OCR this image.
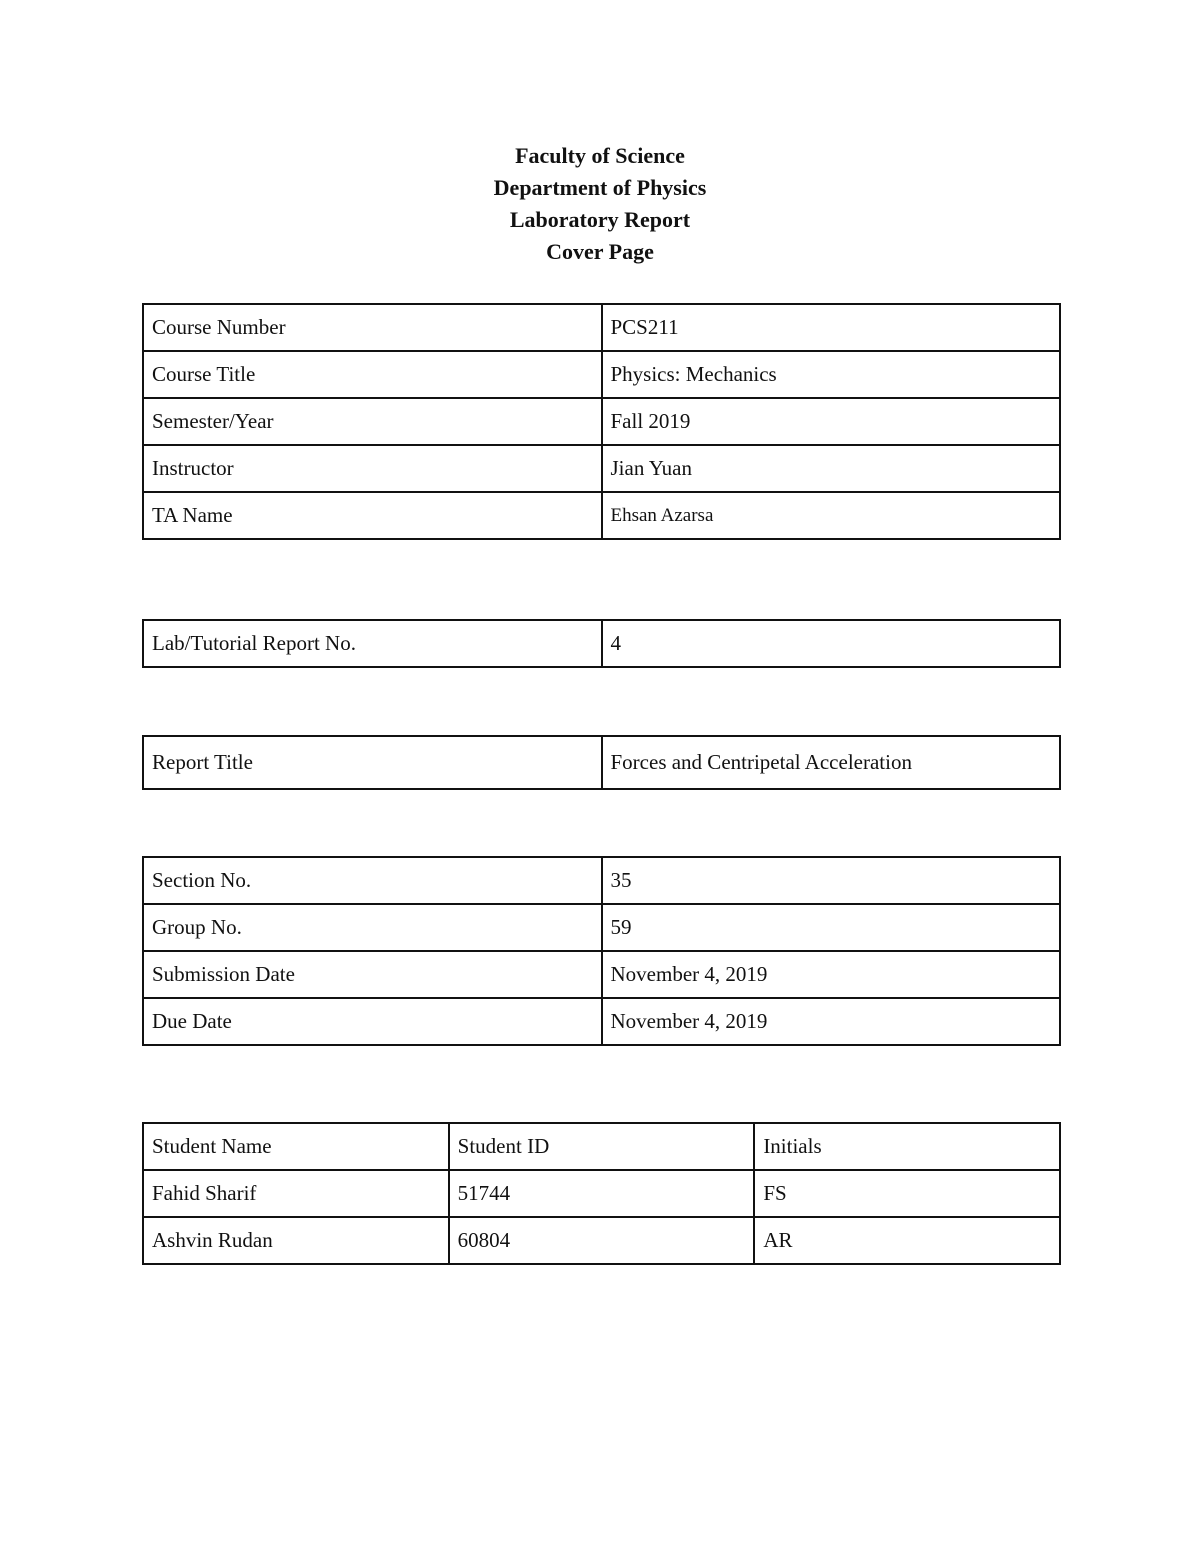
Faculty of Science
Department of Physics
Laboratory Report
Cover Page
Course Number	PCS211
Course Title	Physics: Mechanics
Semester/Year	Fall 2019
Instructor	Jian Yuan
TA Name	Ehsan Azarsa
Lab/Tutorial Report No.	4
Report Title	Forces and Centripetal Acceleration
Section No.	35
Group No.	59
Submission Date	November 4, 2019
Due Date	November 4, 2019
Student Name	Student ID	Initials
Fahid Sharif	51744	FS
Ashvin Rudan	60804	AR
